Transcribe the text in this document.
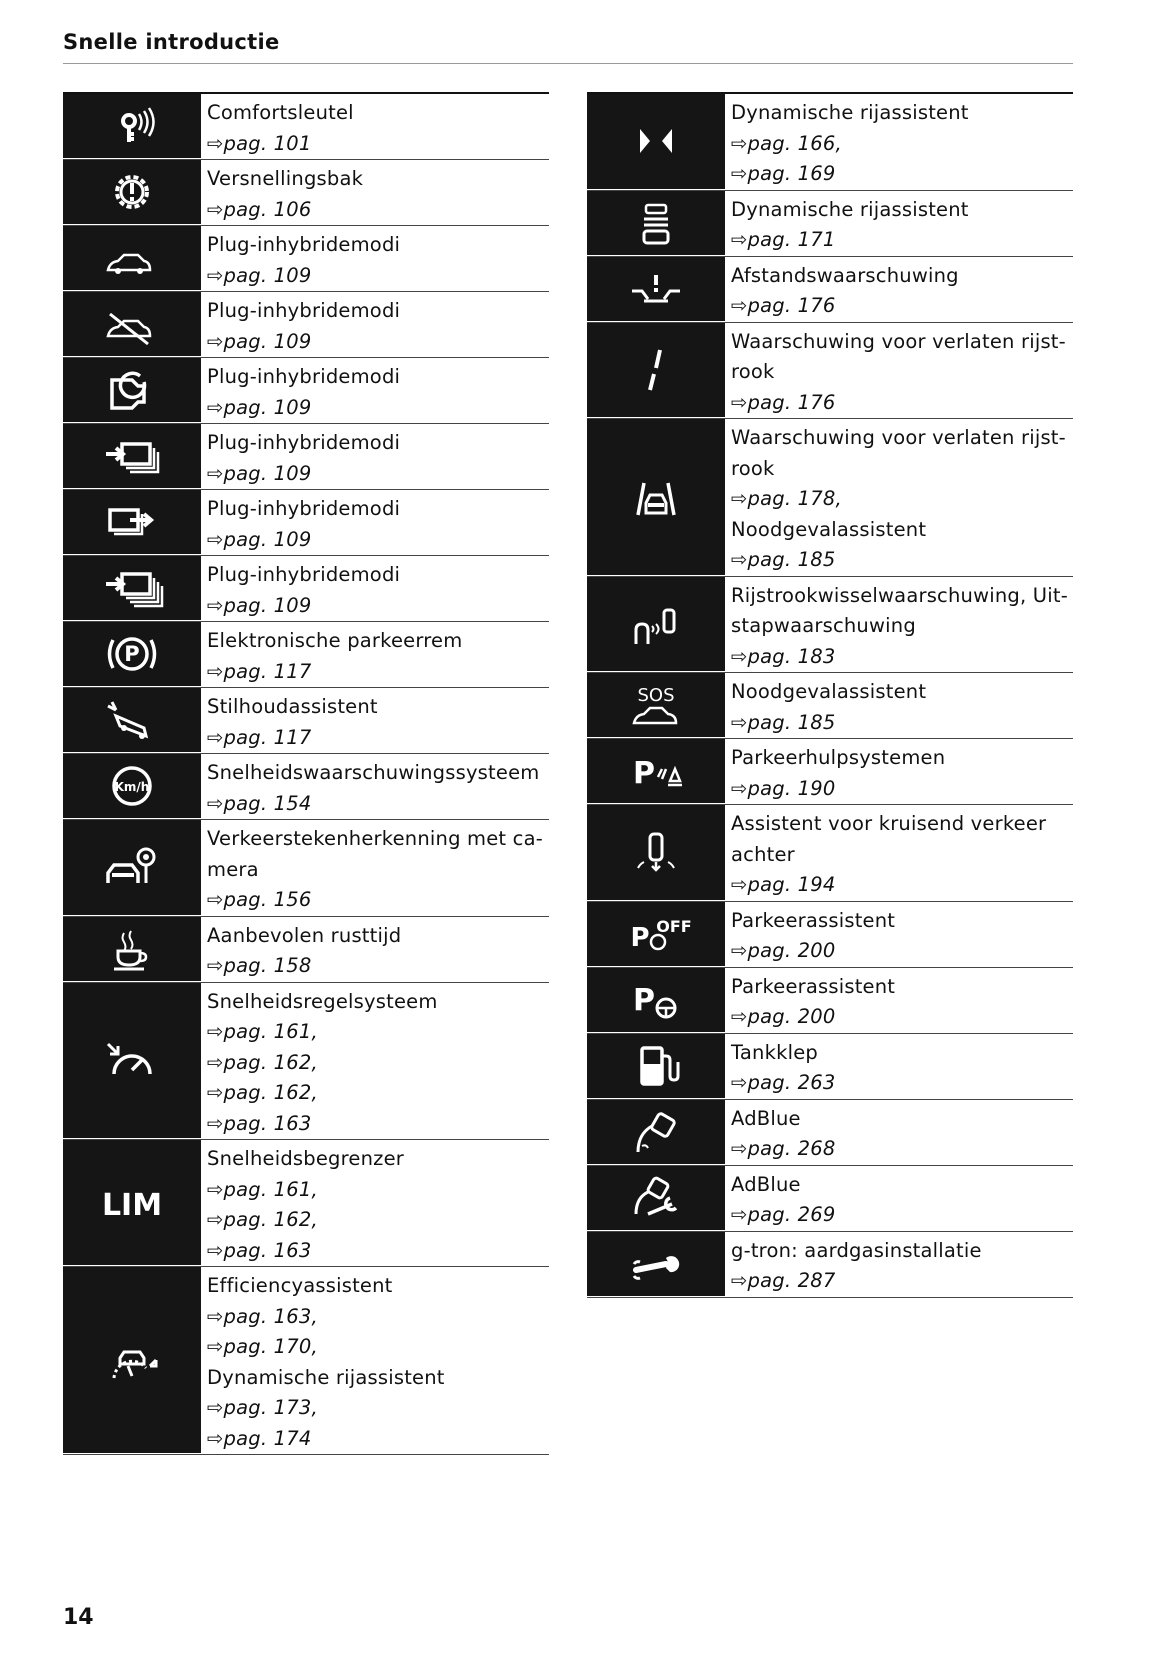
Snelle introductie
Comfortsleutel
⇨pag. 101
Versnellingsbak
⇨pag. 106
Plug-inhybridemodi
⇨pag. 109
Plug-inhybridemodi
⇨pag. 109
Plug-inhybridemodi
⇨pag. 109
Plug-inhybridemodi
⇨pag. 109
Plug-inhybridemodi
⇨pag. 109
Plug-inhybridemodi
⇨pag. 109
P
Elektronische parkeerrem
⇨pag. 117
Stilhoudassistent
⇨pag. 117
Km/h
Snelheidswaarschuwingssysteem
⇨pag. 154
Verkeerstekenherkenning met ca-
mera
⇨pag. 156
Aanbevolen rusttijd
⇨pag. 158
Snelheidsregelsysteem
⇨pag. 161,
⇨pag. 162,
⇨pag. 162,
⇨pag. 163
LIM
Snelheidsbegrenzer
⇨pag. 161,
⇨pag. 162,
⇨pag. 163
Efficiencyassistent
⇨pag. 163,
⇨pag. 170,
Dynamische rijassistent
⇨pag. 173,
⇨pag. 174
Dynamische rijassistent
⇨pag. 166,
⇨pag. 169
Dynamische rijassistent
⇨pag. 171
Afstandswaarschuwing
⇨pag. 176
Waarschuwing voor verlaten rijst-
rook
⇨pag. 176
Waarschuwing voor verlaten rijst-
rook
⇨pag. 178,
Noodgevalassistent
⇨pag. 185
Rijstrookwisselwaarschuwing, Uit-
stapwaarschuwing
⇨pag. 183
SOS	Noodgevalassistent
⇨pag. 185
P	Parkeerhulpsystemen
⇨pag. 190
Assistent voor kruisend verkeer
achter
⇨pag. 194
P OFF Parkeerassistent
⇨pag. 200
P	Parkeerassistent
⇨pag. 200
Tankklep
⇨pag. 263
AdBlue
⇨pag. 268
AdBlue
⇨pag. 269
g-tron: aardgasinstallatie
⇨pag. 287
14
